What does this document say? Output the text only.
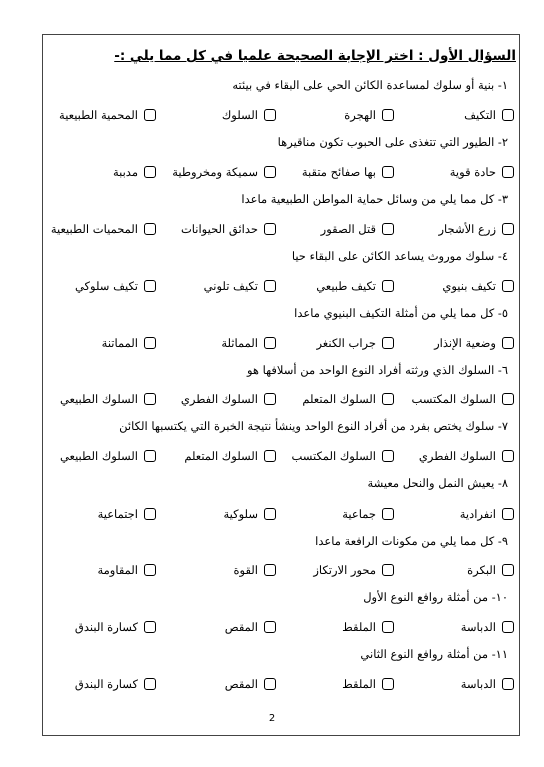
السؤال الأول : اختر الإجابة الصحيحة علميا في كل مما يلي :-
١- بنية أو سلوك لمساعدة الكائن الحي على البقاء في بيئته
التكيف
الهجرة
السلوك
المحمية الطبيعية
٢- الطيور التي تتغذى على الحبوب تكون مناقيرها
حادة قوية
بها صفائح متقبة
سميكة ومخروطية
مدببة
٣- كل مما يلي من وسائل حماية المواطن الطبيعية ماعدا
زرع الأشجار
قتل الصقور
حدائق الحيوانات
المحميات الطبيعية
٤- سلوك موروث يساعد الكائن على البقاء حيا
تكيف بنيوي
تكيف طبيعي
تكيف تلوني
تكيف سلوكي
٥- كل مما يلي من أمثلة التكيف البنيوي ماعدا
وضعية الإنذار
جراب الكنغر
المماثلة
المماتنة
٦- السلوك الذي ورثته أفراد النوع الواحد من أسلافها هو
السلوك المكتسب
السلوك المتعلم
السلوك الفطري
السلوك الطبيعي
٧- سلوك يختص بفرد من أفراد النوع الواحد وينشأ نتيجة الخبرة التي يكتسبها الكائن
السلوك الفطري
السلوك المكتسب
السلوك المتعلم
السلوك الطبيعي
٨- يعيش النمل والنحل معيشة
انفرادية
جماعية
سلوكية
اجتماعية
٩- كل مما يلي من مكونات الرافعة ماعدا
البكرة
محور الارتكاز
القوة
المقاومة
١٠- من أمثلة روافع النوع الأول
الدباسة
الملقط
المقص
كسارة البندق
١١- من أمثلة روافع النوع الثاني
الدباسة
الملقط
المقص
كسارة البندق
2
